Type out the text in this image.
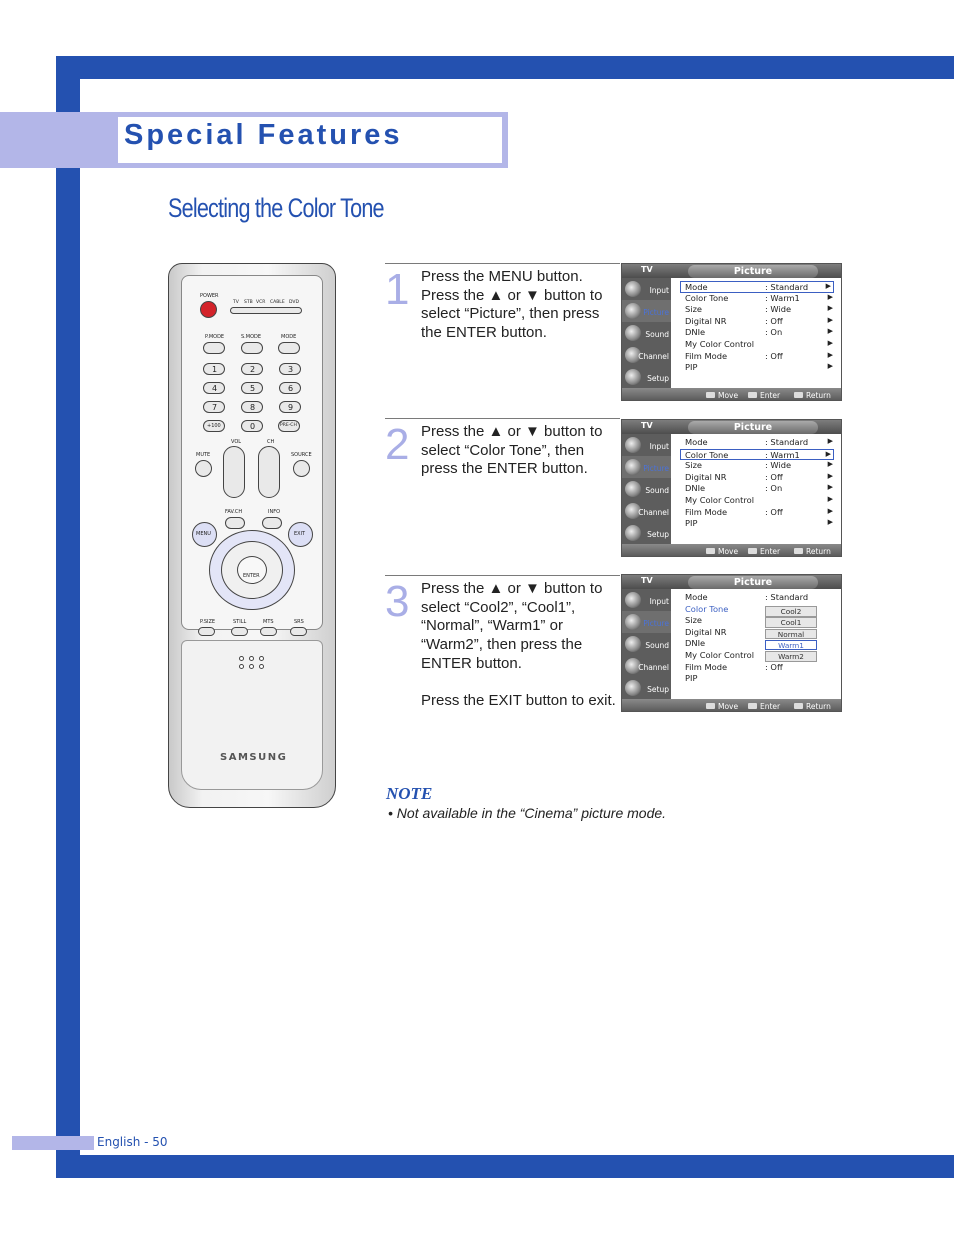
Special Features
Selecting the Color Tone
POWER
TV STB VCR CABLE DVD
P.MODE	S.MODE	MODE
1	2	3
4	5	6
7	8	9
+100	0	PRE-CH
VOL	CH
MUTE	SOURCE
FAV.CH	INFO
MENU	EXIT
ENTER
P.SIZE	STILL	MTS	SRS
SAMSUNG
1 Press the MENU button. Press the ▲ or ▼ button to select “Picture”, then press the ENTER button.

2 Press the ▲ or ▼ button to select “Color Tone”, then press the ENTER button.

3 Press the ▲ or ▼ button to select “Cool2”, “Cool1”, “Normal”, “Warm1” or “Warm2”, then press the ENTER button.

Press the EXIT button to exit.

TV	Picture
Input
Picture
Sound
Channel
Setup
Mode	: Standard ▶
Color Tone	: Warm1	▶
Size	: Wide	▶
Digital NR	: Off	▶
DNIe	: On	▶
My Color Control	▶
Film Mode	: Off	▶
PIP	▶
Move	Enter	Return
TV	Picture
Input
Picture
Sound
Channel
Setup
Mode	: Standard	▶
Color Tone	: Warm1	▶
Size	: Wide	▶
Digital NR	: Off	▶
DNIe	: On	▶
My Color Control	▶
Film Mode	: Off	▶
PIP	▶
Move	Enter	Return
TV	Picture
Input
Picture
Sound
Channel
Setup
Mode	: Standard
Color Tone
Size
Digital NR
DNIe
My Color Control
Film Mode	: Off
PIP
Move	Enter	Return
Cool2
Cool1
Normal
Warm1
Warm2
NOTE
• Not available in the “Cinema” picture mode.
English - 50
